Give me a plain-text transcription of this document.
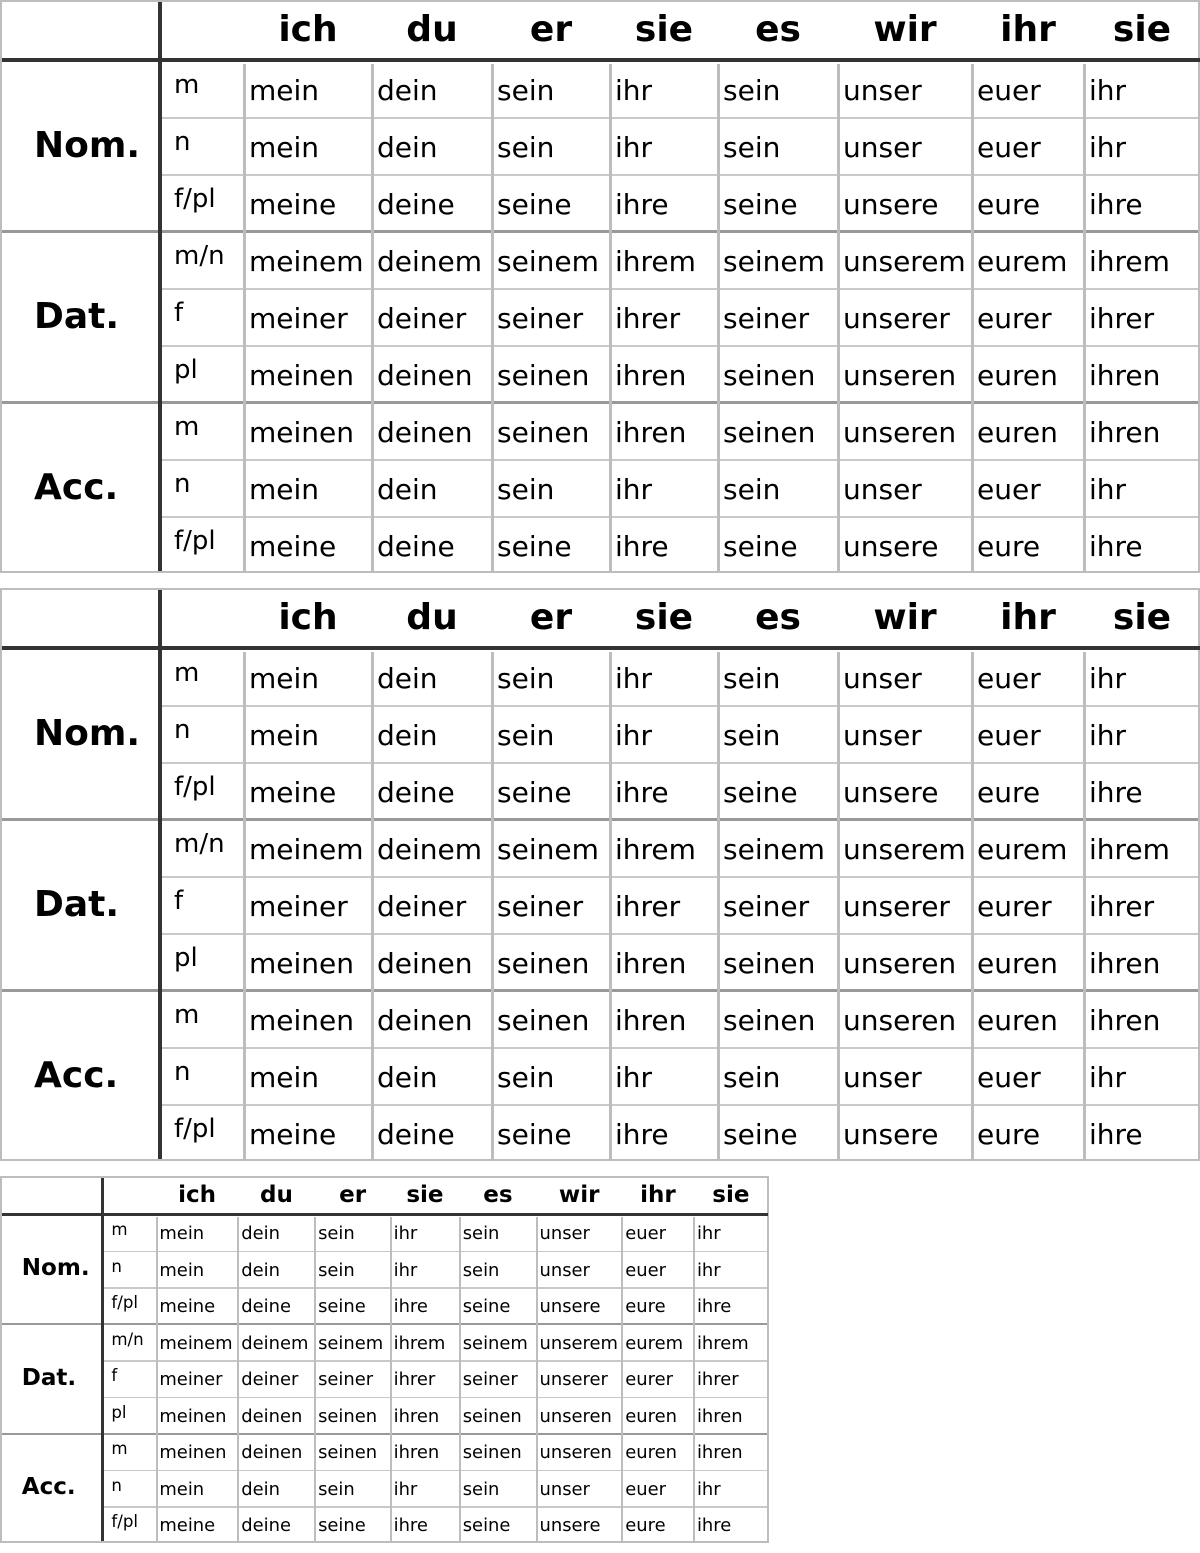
ich	du	er	sie	es	wir	ihr	sie
Nom.
m mein dein sein ihr	sein unser euer ihr
n mein dein sein ihr	sein unser euer ihr
f/pl meine deine seine ihre seine unsere eure ihre
Dat.
m/n meinem deinem seinem ihrem seinem unserem eurem ihrem
f meiner deiner seiner ihrer seiner unserer eurer ihrer
pl meinen deinen seinen ihren seinen unseren euren ihren
Acc.
m meinen deinen seinen ihren seinen unseren euren ihren
n mein dein sein ihr	sein unser euer ihr
f/pl meine deine seine ihre seine unsere eure ihre
ich	du	er	sie	es	wir	ihr	sie
Nom.
m mein dein sein ihr	sein unser euer ihr
n mein dein sein ihr	sein unser euer ihr
f/pl meine deine seine ihre seine unsere eure ihre
Dat.
m/n meinem deinem seinem ihrem seinem unserem eurem ihrem
f meiner deiner seiner ihrer seiner unserer eurer ihrer
pl meinen deinen seinen ihren seinen unseren euren ihren
Acc.
m meinen deinen seinen ihren seinen unseren euren ihren
n mein dein sein ihr	sein unser euer ihr
f/pl meine deine seine ihre seine unsere eure ihre
ich	du	er	sie	es	wir	ihr	sie
Nom.
m mein dein sein ihr	sein unser euer ihr
n mein dein sein ihr	sein unser euer ihr
f/pl meine deine seine ihre seine unsere eure ihre
Dat.
m/n meinem deinem seinem ihrem seinem unserem eurem ihrem
f meiner deiner seiner ihrer seiner unserer eurer ihrer
pl meinen deinen seinen ihren seinen unseren euren ihren
Acc.
m meinen deinen seinen ihren seinen unseren euren ihren
n mein dein sein ihr	sein unser euer ihr
f/pl meine deine seine ihre seine unsere eure ihre
